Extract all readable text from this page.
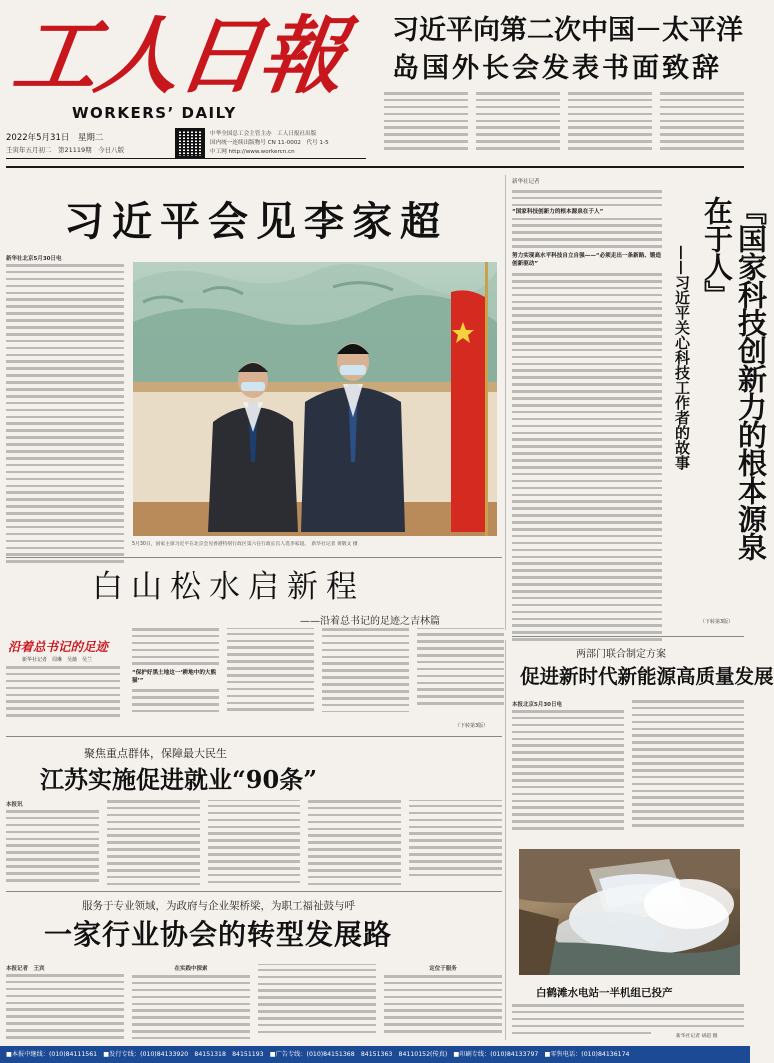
工人日報
WORKERS’ DAILY
2022年5月31日　星期二
壬寅年五月初二　第21119期　今日八版
中华全国总工会主管主办　工人日报社出版
国内统一连续出版物号 CN 11-0002　代号 1-5
中工网 http://www.workercn.cn
习近平向第二次中国－太平洋
岛国外长会发表书面致辞
习近平会见李家超
新华社北京5月30日电
5月30日，国家主席习近平在北京会见香港特别行政区第六任行政长官人选李家超。　新华社记者 黄敬文 摄
新华社记者
努力实现高水平科技自立自强——“必须走出一条新路、锻造创新驱动”
“国家科技创新力的根本源泉在于人”	『国家科技创新力的根本源泉在于人』
——习近平关心科技工作者的故事
（下转第3版）
白山松水启新程
——沿着总书记的足迹之吉林篇
沿着总书记的足迹
新华社记者　周琳　吴薇　吴兰
“保护好黑土地这一‘耕地中的大熊猫’”
（下转第3版）
两部门联合制定方案
促进新时代新能源高质量发展
本报北京5月30日电
聚焦重点群体，保障最大民生
江苏实施促进就业“90条”
本报讯
服务于专业领域，为政府与企业架桥梁，为职工福祉鼓与呼
一家行业协会的转型发展路
本报记者　王宾	在实践中探索	定位于服务
白鹤滩水电站一半机组已投产
新华社记者 胡超 摄
■本报中继线：(010)84111561　■发行专线：(010)84133920　84151318　84151193　■广告专线：(010)84151368　84151363　84110152(传真)　■印刷专线：(010)84133797　■零售电话：(010)84136174
